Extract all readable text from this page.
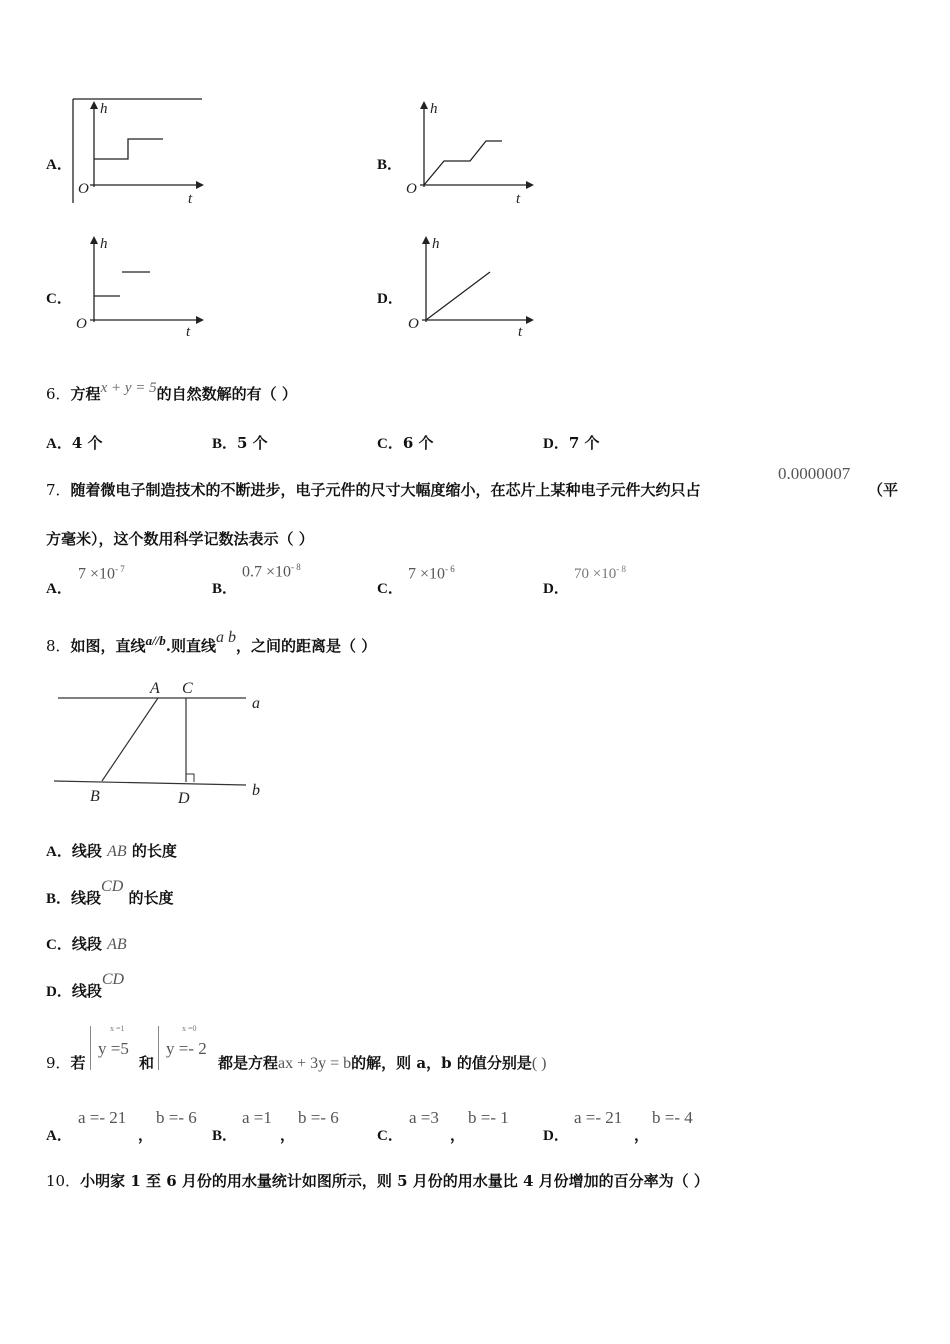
A．
h
O
t
B．
h
O
t
C．
h
O	t
D．
h
O	t
6．方程x + y = 5的自然数解的有（ ）
A．4 个	B．5 个	C．6 个	D．7 个
7．随着微电子制造技术的不断进步，电子元件的尺寸大幅度缩小，在芯片上某种电子元件大约只占
0.0000007
（平
方毫米），这个数用科学记数法表示（ ）
A．
$7 \times 10^{- 7}$
B．
$0.7 \times 10^{- 8}$
C．
$7 \times 10^{- 6}$
D．
$70 \times 10^{- 8}$
8．如图，直线a//b.则直线a b，之间的距离是（ ）
A C
a
B	D	b
A．线段 AB 的长度
B．线段CD 的长度
C．线段 AB
D．线段CD
9．若
x =1
y =5
和
x =0
y =- 2
都是方程ax + 3y = b的解，则 a，b 的值分别是( )
A．
a =- 21
，
b =- 6
B．
a =1
，
b =- 6
C．
a =3
，
b =- 1
D．
a =- 21
，
b =- 4
10．小明家 1 至 6 月份的用水量统计如图所示，则 5 月份的用水量比 4 月份增加的百分率为（ ）
